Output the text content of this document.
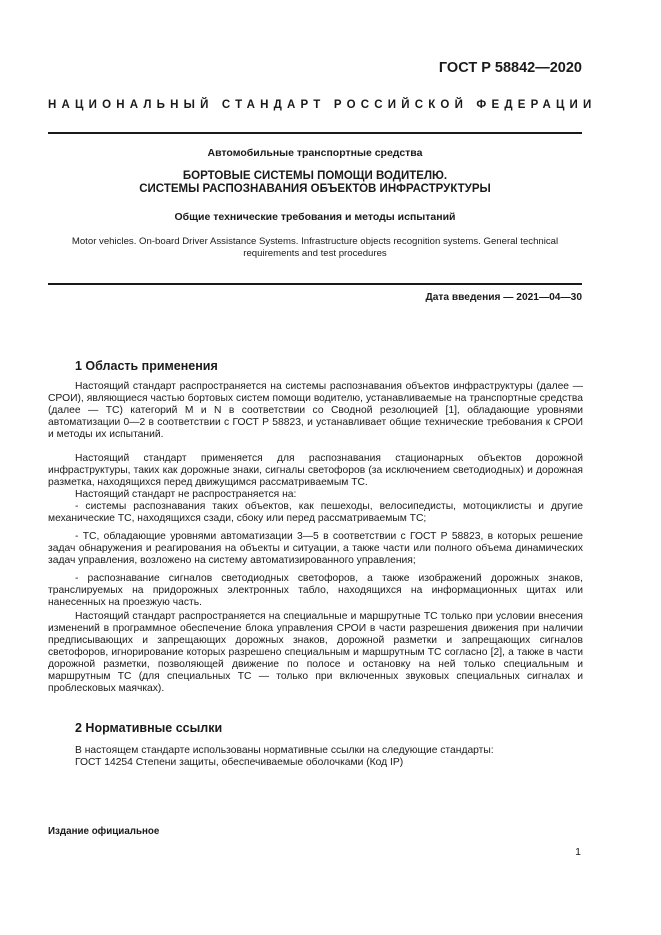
ГОСТ Р 58842—2020
НАЦИОНАЛЬНЫЙ СТАНДАРТ РОССИЙСКОЙ ФЕДЕРАЦИИ
Автомобильные транспортные средства
БОРТОВЫЕ СИСТЕМЫ ПОМОЩИ ВОДИТЕЛЮ.
СИСТЕМЫ РАСПОЗНАВАНИЯ ОБЪЕКТОВ ИНФРАСТРУКТУРЫ
Общие технические требования и методы испытаний
Motor vehicles. On-board Driver Assistance Systems. Infrastructure objects recognition systems. General technical requirements and test procedures
Дата введения — 2021—04—30
1 Область применения

Настоящий стандарт распространяется на системы распознавания объектов инфраструктуры (далее — СРОИ), являющиеся частью бортовых систем помощи водителю, устанавливаемые на транспортные средства (далее — ТС) категорий M и N в соответствии со Сводной резолюцией [1], обладающие уровнями автоматизации 0—2 в соответствии с ГОСТ Р 58823, и устанавливает общие технические требования к СРОИ и методы их испытаний.

Настоящий стандарт применяется для распознавания стационарных объектов дорожной инфраструктуры, таких как дорожные знаки, сигналы светофоров (за исключением светодиодных) и дорожная разметка, находящихся перед движущимся рассматриваемым ТС.

Настоящий стандарт не распространяется на:

- системы распознавания таких объектов, как пешеходы, велосипедисты, мотоциклисты и другие механические ТС, находящихся сзади, сбоку или перед рассматриваемым ТС;

- ТС, обладающие уровнями автоматизации 3—5 в соответствии с ГОСТ Р 58823, в которых решение задач обнаружения и реагирования на объекты и ситуации, а также части или полного объема динамических задач управления, возложено на систему автоматизированного управления;

- распознавание сигналов светодиодных светофоров, а также изображений дорожных знаков, транслируемых на придорожных электронных табло, находящихся на информационных щитах или нанесенных на проезжую часть.

Настоящий стандарт распространяется на специальные и маршрутные ТС только при условии внесения изменений в программное обеспечение блока управления СРОИ в части разрешения движения при наличии предписывающих и запрещающих дорожных знаков, дорожной разметки и запрещающих сигналов светофоров, игнорирование которых разрешено специальным и маршрутным ТС согласно [2], а также в части дорожной разметки, позволяющей движение по полосе и остановку на ней только специальным и маршрутным ТС (для специальных ТС — только при включенных звуковых специальных сигналах и проблесковых маячках).

2 Нормативные ссылки

В настоящем стандарте использованы нормативные ссылки на следующие стандарты:

ГОСТ 14254 Степени защиты, обеспечиваемые оболочками (Код IP)

Издание официальное
1
